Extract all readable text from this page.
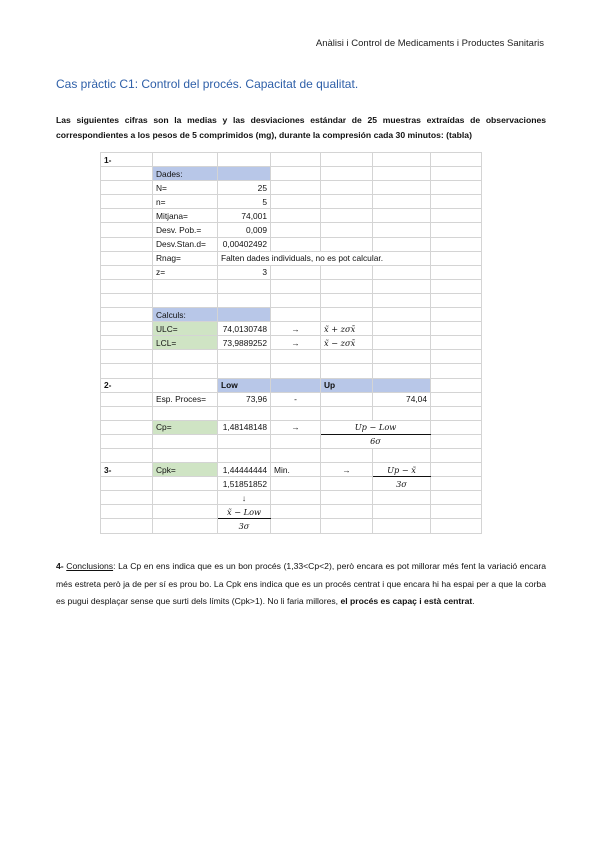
Anàlisi i Control de Medicaments i Productes Sanitaris
Cas pràctic C1: Control del procés. Capacitat de qualitat.
Las siguientes cifras son la medias y las desviaciones estándar de 25 muestras extraídas de observaciones correspondientes a los pesos de 5 comprimidos (mg), durante la compresión cada 30 minutos: (tabla)
1-						
	Dades:					
	N=	25				
	n=	5				
	Mitjana=	74,001				
	Desv. Pob.=	0,009				
	Desv.Stan.d=	0,00402492				
	Rnag=	Falten dades individuals, no es pot calcular.				
	z=	3				

	Calculs:					
	ULC=	74,0130748	→	x̃ + zσx̄		
	LCL=	73,9889252	→	x̃ − zσx̄		

2-		Low		Up		
	Esp. Proces=	73,96	-		74,04	

	Cp=	1,48148148	→	Up − Low		
				6σ		

3-	Cpk=	1,44444444	Min.	→	Up − x̃	
		1,51851852			3σ	
		↓				
		x̃ − Low				
		3σ				
4- Conclusions: La Cp en ens indica que es un bon procés (1,33<Cp<2), però encara es pot millorar més fent la variació encara més estreta però ja de per sí es prou bo. La Cpk ens indica que es un procés centrat i que encara hi ha espai per a que la corba es pugui desplaçar sense que surti dels límits (Cpk>1). No li faria millores, el procés es capaç i està centrat.
